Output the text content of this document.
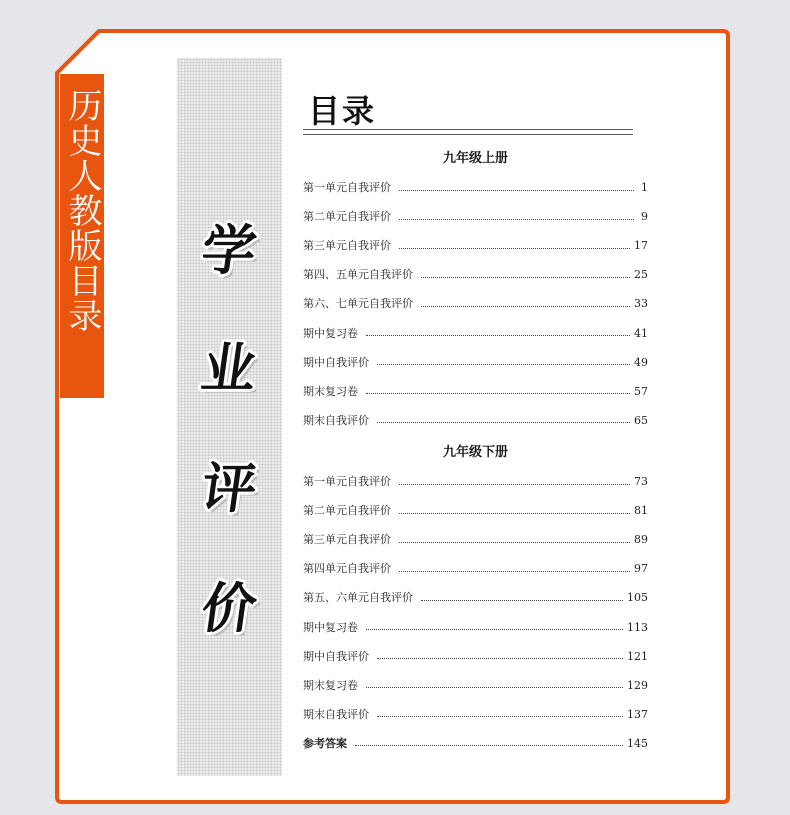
历史人教版目录	学
业
评
价
目录
九年级上册
第一单元自我评价	1
第二单元自我评价	9
第三单元自我评价	17
第四、五单元自我评价	25
第六、七单元自我评价	33
期中复习卷	41
期中自我评价	49
期末复习卷	57
期末自我评价	65
九年级下册
第一单元自我评价	73
第二单元自我评价	81
第三单元自我评价	89
第四单元自我评价	97
第五、六单元自我评价	105
期中复习卷	113
期中自我评价	121
期末复习卷	129
期末自我评价	137
参考答案	145
